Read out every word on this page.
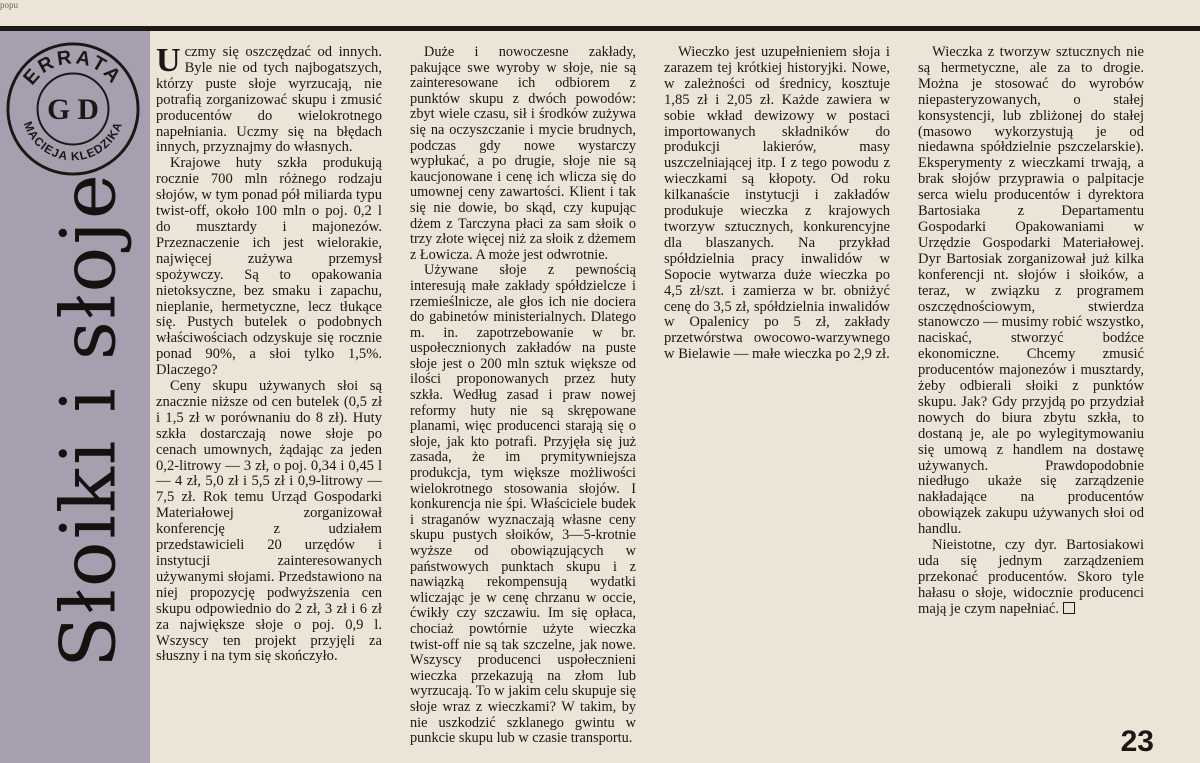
popu
ERRATA
MACIEJA KLEDZIKA
G D
Słoiki i słoje

Uczmy się oszczędzać od innych. Byle nie od tych najbogatszych, którzy puste słoje wyrzucają, nie potrafią zorganizować skupu i zmusić producentów do wielokrotnego napełniania. Uczmy się na błędach innych, przyznajmy do własnych.

Krajowe huty szkła produkują rocznie 700 mln różnego rodzaju słojów, w tym ponad pół miliarda typu twist-off, około 100 mln o poj. 0,2 l do musztardy i majonezów. Przeznaczenie ich jest wielorakie, najwięcej zużywa przemysł spożywczy. Są to opakowania nietoksyczne, bez smaku i zapachu, nieplanie, hermetyczne, lecz tłukące się. Pustych butelek o podobnych właściwościach odzyskuje się rocznie ponad 90%, a słoi tylko 1,5%. Dlaczego?

Ceny skupu używanych słoi są znacznie niższe od cen butelek (0,5 zł i 1,5 zł w porównaniu do 8 zł). Huty szkła dostarczają nowe słoje po cenach umownych, żądając za jeden 0,2-litrowy — 3 zł, o poj. 0,34 i 0,45 l — 4 zł, 5,0 zł i 5,5 zł i 0,9-litrowy — 7,5 zł. Rok temu Urząd Gospodarki Materiałowej zorganizował konferencję z udziałem przedstawicieli 20 urzędów i instytucji zainteresowanych używanymi słojami. Przedstawiono na niej propozycję podwyższenia cen skupu odpowiednio do 2 zł, 3 zł i 6 zł za największe słoje o poj. 0,9 l. Wszyscy ten projekt przyjęli za słuszny i na tym się skończyło.

Duże i nowoczesne zakłady, pakujące swe wyroby w słoje, nie są zainteresowane ich odbiorem z punktów skupu z dwóch powodów: zbyt wiele czasu, sił i środków zużywa się na oczyszczanie i mycie brudnych, podczas gdy nowe wystarczy wypłukać, a po drugie, słoje nie są kaucjonowane i cenę ich wlicza się do umownej ceny zawartości. Klient i tak się nie dowie, bo skąd, czy kupując dżem z Tarczyna płaci za sam słoik o trzy złote więcej niż za słoik z dżemem z Łowicza. A może jest odwrotnie.

Używane słoje z pewnością interesują małe zakłady spółdzielcze i rzemieślnicze, ale głos ich nie dociera do gabinetów ministerialnych. Dlatego m. in. zapotrzebowanie w br. uspołecznionych zakładów na puste słoje jest o 200 mln sztuk większe od ilości proponowanych przez huty szkła. Według zasad i praw nowej reformy huty nie są skrępowane planami, więc producenci starają się o słoje, jak kto potrafi. Przyjęła się już zasada, że im prymitywniejsza produkcja, tym większe możliwości wielokrotnego stosowania słojów. I konkurencja nie śpi. Właściciele budek i straganów wyznaczają własne ceny skupu pustych słoików, 3—5-krotnie wyższe od obowiązujących w państwowych punktach skupu i z nawiązką rekompensują wydatki wliczając je w cenę chrzanu w occie, ćwikły czy szczawiu. Im się opłaca, chociaż powtórnie użyte wieczka twist-off nie są tak szczelne, jak nowe. Wszyscy producenci uspołecznieni wieczka przekazują na złom lub wyrzucają. To w jakim celu skupuje się słoje wraz z wieczkami? W takim, by nie uszkodzić szklanego gwintu w punkcie skupu lub w czasie transportu.

Wieczko jest uzupełnieniem słoja i zarazem tej krótkiej historyjki. Nowe, w zależności od średnicy, kosztuje 1,85 zł i 2,05 zł. Każde zawiera w sobie wkład dewizowy w postaci importowanych składników do produkcji lakierów, masy uszczelniającej itp. I z tego powodu z wieczkami są kłopoty. Od roku kilkanaście instytucji i zakładów produkuje wieczka z krajowych tworzyw sztucznych, konkurencyjne dla blaszanych. Na przykład spółdzielnia pracy inwalidów w Sopocie wytwarza duże wieczka po 4,5 zł/szt. i zamierza w br. obniżyć cenę do 3,5 zł, spółdzielnia inwalidów w Opalenicy po 5 zł, zakłady przetwórstwa owocowo-warzywnego w Bielawie — małe wieczka po 2,9 zł.

Wieczka z tworzyw sztucznych nie są hermetyczne, ale za to drogie. Można je stosować do wyrobów niepasteryzowanych, o stałej konsystencji, lub zbliżonej do stałej (masowo wykorzystują je od niedawna spółdzielnie pszczelarskie). Eksperymenty z wieczkami trwają, a brak słojów przyprawia o palpitacje serca wielu producentów i dyrektora Bartosiaka z Departamentu Gospodarki Opakowaniami w Urzędzie Gospodarki Materiałowej. Dyr Bartosiak zorganizował już kilka konferencji nt. słojów i słoików, a teraz, w związku z programem oszczędnościowym, stwierdza stanowczo — musimy robić wszystko, naciskać, stworzyć bodźce ekonomiczne. Chcemy zmusić producentów majonezów i musztardy, żeby odbierali słoiki z punktów skupu. Jak? Gdy przyjdą po przydział nowych do biura zbytu szkła, to dostaną je, ale po wylegitymowaniu się umową z handlem na dostawę używanych. Prawdopodobnie niedługo ukaże się zarządzenie nakładające na producentów obowiązek zakupu używanych słoi od handlu.

Nieistotne, czy dyr. Bartosiakowi uda się jednym zarządzeniem przekonać producentów. Skoro tyle hałasu o słoje, widocznie producenci mają je czym napełniać.

23
